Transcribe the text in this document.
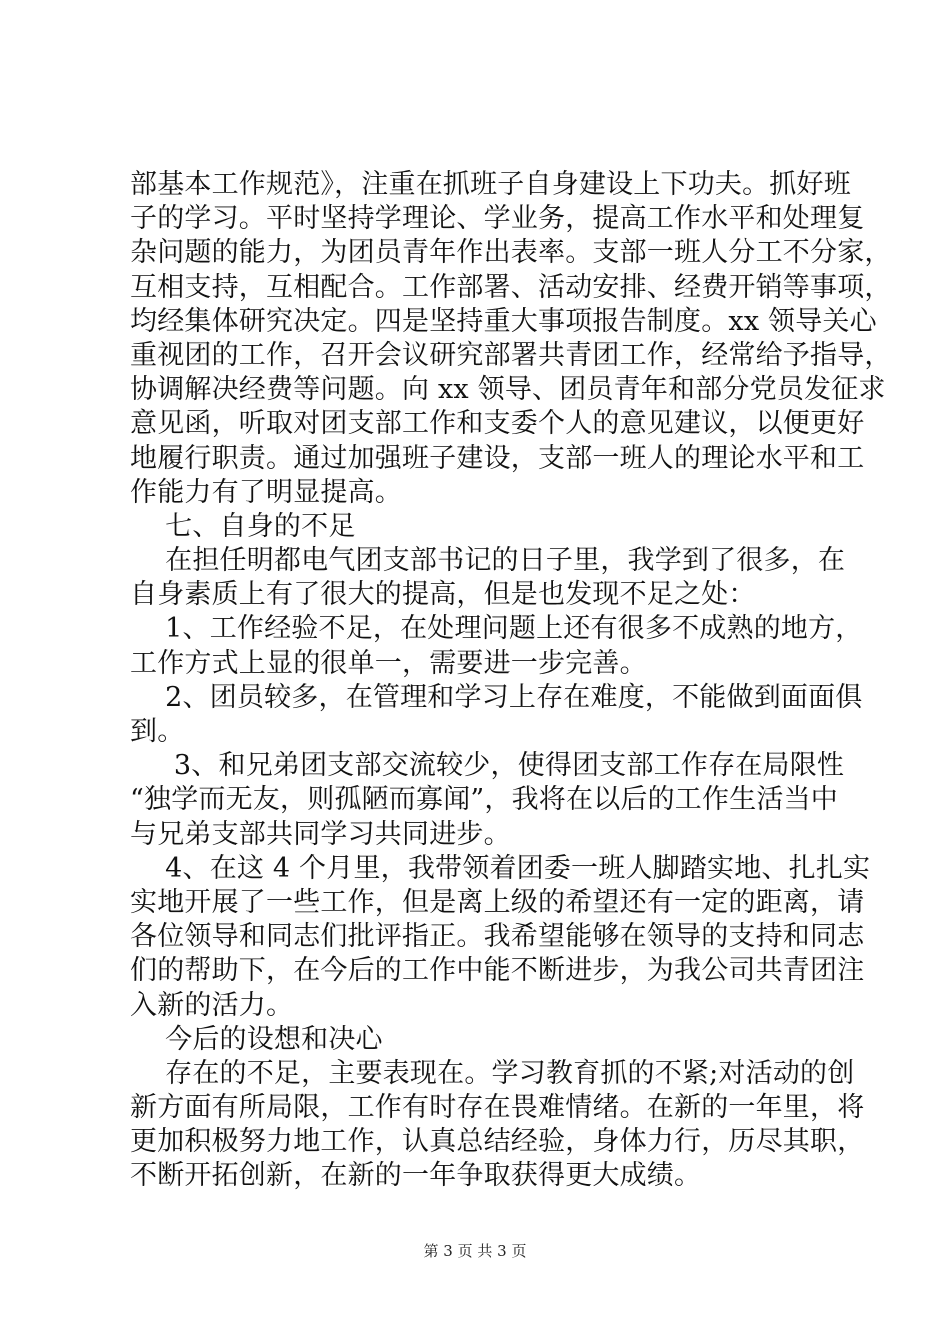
部基本工作规范》，注重在抓班子自身建设上下功夫。抓好班
子的学习。平时坚持学理论、学业务，提高工作水平和处理复
杂问题的能力，为团员青年作出表率。支部一班人分工不分家，
互相支持，互相配合。工作部署、活动安排、经费开销等事项，
均经集体研究决定。四是坚持重大事项报告制度。xx 领导关心
重视团的工作，召开会议研究部署共青团工作，经常给予指导，
协调解决经费等问题。向 xx 领导、团员青年和部分党员发征求
意见函，听取对团支部工作和支委个人的意见建议，以便更好
地履行职责。通过加强班子建设，支部一班人的理论水平和工
作能力有了明显提高。
七、自身的不足
在担任明都电气团支部书记的日子里，我学到了很多，在
自身素质上有了很大的提高，但是也发现不足之处：
1、工作经验不足，在处理问题上还有很多不成熟的地方，
工作方式上显的很单一，需要进一步完善。
2、团员较多，在管理和学习上存在难度，不能做到面面俱
到。
3、和兄弟团支部交流较少，使得团支部工作存在局限性
“独学而无友，则孤陋而寡闻”，我将在以后的工作生活当中
与兄弟支部共同学习共同进步。
4、在这 4 个月里，我带领着团委一班人脚踏实地、扎扎实
实地开展了一些工作，但是离上级的希望还有一定的距离，请
各位领导和同志们批评指正。我希望能够在领导的支持和同志
们的帮助下，在今后的工作中能不断进步，为我公司共青团注
入新的活力。
今后的设想和决心
存在的不足，主要表现在。学习教育抓的不紧;对活动的创
新方面有所局限，工作有时存在畏难情绪。在新的一年里，将
更加积极努力地工作，认真总结经验，身体力行，历尽其职，
不断开拓创新，在新的一年争取获得更大成绩。
第 3 页 共 3 页
